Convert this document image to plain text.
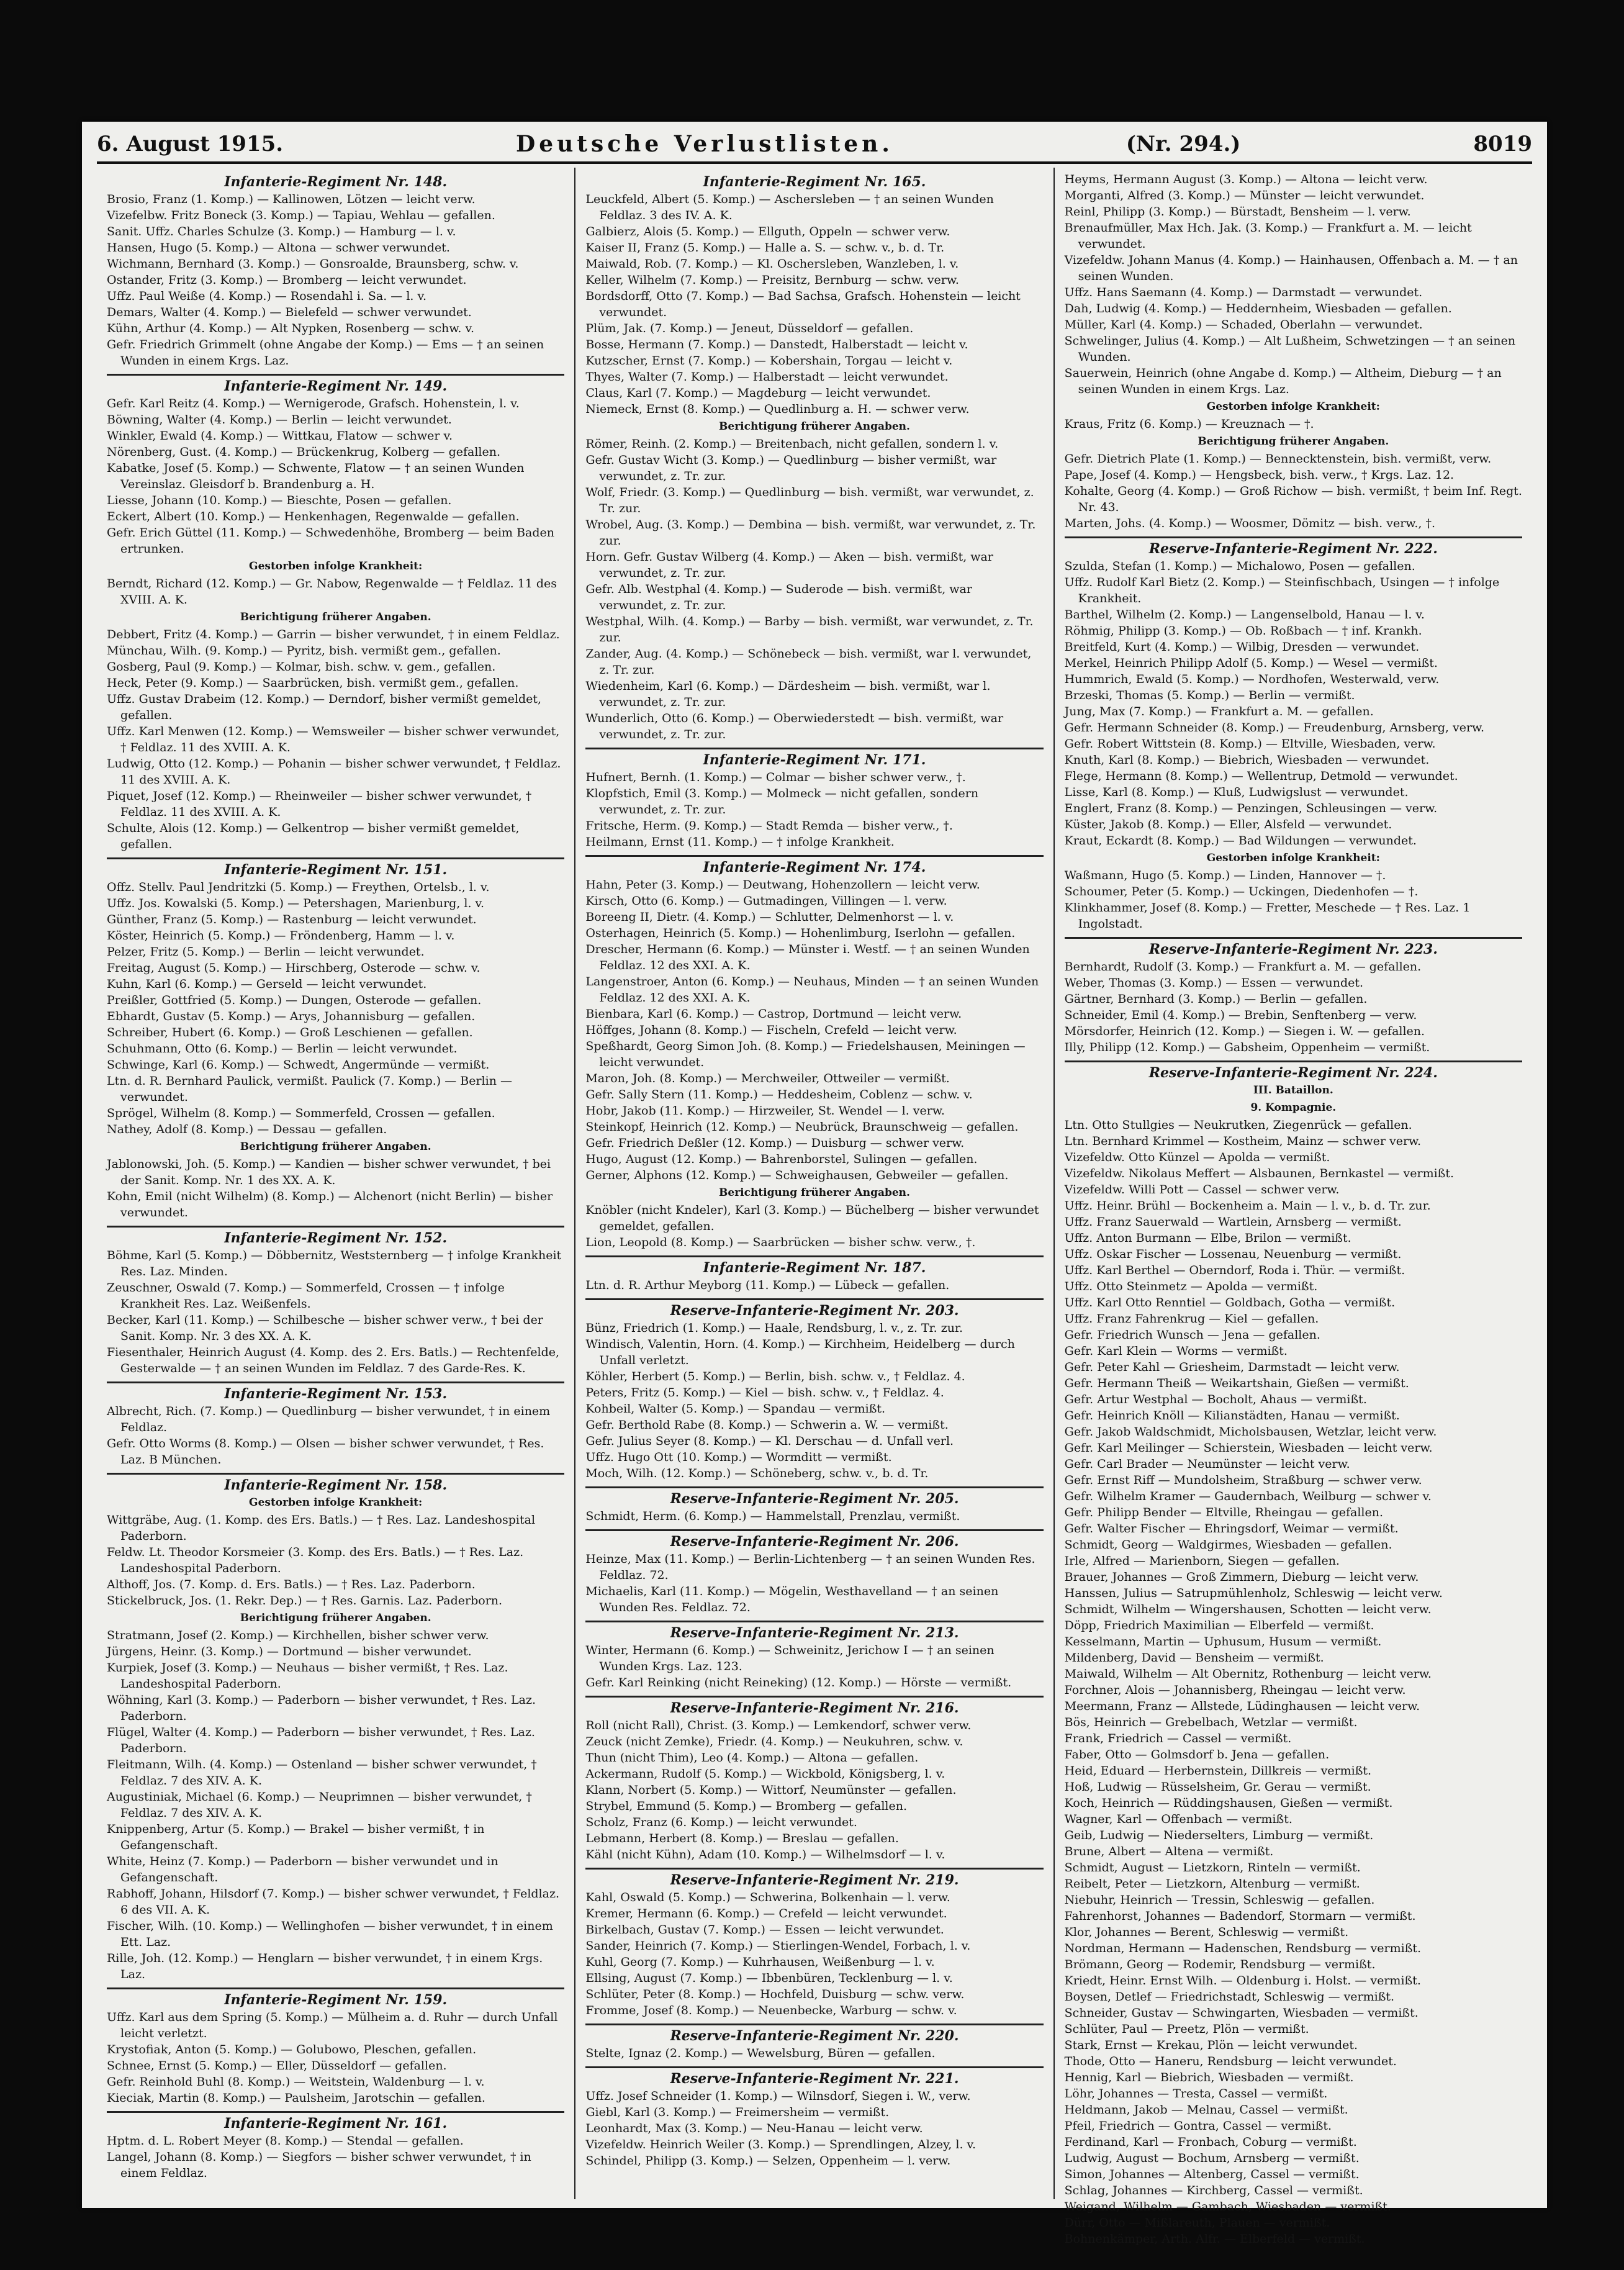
6. August 1915.	Deutsche Verlustlisten.	(Nr. 294.)	8019
Infanterie-Regiment Nr. 148.
Brosio, Franz (1. Komp.) — Kallinowen, Lötzen — leicht verw.
Vizefelbw. Fritz Boneck (3. Komp.) — Tapiau, Wehlau — gefallen.
Sanit. Uffz. Charles Schulze (3. Komp.) — Hamburg — l. v.
Hansen, Hugo (5. Komp.) — Altona — schwer verwundet.
Wichmann, Bernhard (3. Komp.) — Gonsroalde, Braunsberg, schw. v.
Ostander, Fritz (3. Komp.) — Bromberg — leicht verwundet.
Uffz. Paul Weiße (4. Komp.) — Rosendahl i. Sa. — l. v.
Demars, Walter (4. Komp.) — Bielefeld — schwer verwundet.
Kühn, Arthur (4. Komp.) — Alt Nypken, Rosenberg — schw. v.
Gefr. Friedrich Grimmelt (ohne Angabe der Komp.) — Ems — † an seinen Wunden in einem Krgs. Laz.
Infanterie-Regiment Nr. 149.
Gefr. Karl Reitz (4. Komp.) — Wernigerode, Grafsch. Hohenstein, l. v.
Böwning, Walter (4. Komp.) — Berlin — leicht verwundet.
Winkler, Ewald (4. Komp.) — Wittkau, Flatow — schwer v.
Nörenberg, Gust. (4. Komp.) — Brückenkrug, Kolberg — gefallen.
Kabatke, Josef (5. Komp.) — Schwente, Flatow — † an seinen Wunden Vereinslaz. Gleisdorf b. Brandenburg a. H.
Liesse, Johann (10. Komp.) — Bieschte, Posen — gefallen.
Eckert, Albert (10. Komp.) — Henkenhagen, Regenwalde — gefallen.
Gefr. Erich Güttel (11. Komp.) — Schwedenhöhe, Bromberg — beim Baden ertrunken.
Gestorben infolge Krankheit:
Berndt, Richard (12. Komp.) — Gr. Nabow, Regenwalde — † Feldlaz. 11 des XVIII. A. K.
Berichtigung früherer Angaben.
Debbert, Fritz (4. Komp.) — Garrin — bisher verwundet, † in einem Feldlaz.
Münchau, Wilh. (9. Komp.) — Pyritz, bish. vermißt gem., gefallen.
Gosberg, Paul (9. Komp.) — Kolmar, bish. schw. v. gem., gefallen.
Heck, Peter (9. Komp.) — Saarbrücken, bish. vermißt gem., gefallen.
Uffz. Gustav Drabeim (12. Komp.) — Derndorf, bisher vermißt gemeldet, gefallen.
Uffz. Karl Menwen (12. Komp.) — Wemsweiler — bisher schwer verwundet, † Feldlaz. 11 des XVIII. A. K.
Ludwig, Otto (12. Komp.) — Pohanin — bisher schwer verwundet, † Feldlaz. 11 des XVIII. A. K.
Piquet, Josef (12. Komp.) — Rheinweiler — bisher schwer verwundet, † Feldlaz. 11 des XVIII. A. K.
Schulte, Alois (12. Komp.) — Gelkentrop — bisher vermißt gemeldet, gefallen.
Infanterie-Regiment Nr. 151.
Offz. Stellv. Paul Jendritzki (5. Komp.) — Freythen, Ortelsb., l. v.
Uffz. Jos. Kowalski (5. Komp.) — Petershagen, Marienburg, l. v.
Günther, Franz (5. Komp.) — Rastenburg — leicht verwundet.
Köster, Heinrich (5. Komp.) — Fröndenberg, Hamm — l. v.
Pelzer, Fritz (5. Komp.) — Berlin — leicht verwundet.
Freitag, August (5. Komp.) — Hirschberg, Osterode — schw. v.
Kuhn, Karl (6. Komp.) — Gerseld — leicht verwundet.
Preißler, Gottfried (5. Komp.) — Dungen, Osterode — gefallen.
Ebhardt, Gustav (5. Komp.) — Arys, Johannisburg — gefallen.
Schreiber, Hubert (6. Komp.) — Groß Leschienen — gefallen.
Schuhmann, Otto (6. Komp.) — Berlin — leicht verwundet.
Schwinge, Karl (6. Komp.) — Schwedt, Angermünde — vermißt.
Ltn. d. R. Bernhard Paulick, vermißt. Paulick (7. Komp.) — Berlin — verwundet.
Sprögel, Wilhelm (8. Komp.) — Sommerfeld, Crossen — gefallen.
Nathey, Adolf (8. Komp.) — Dessau — gefallen.
Berichtigung früherer Angaben.
Jablonowski, Joh. (5. Komp.) — Kandien — bisher schwer verwundet, † bei der Sanit. Komp. Nr. 1 des XX. A. K.
Kohn, Emil (nicht Wilhelm) (8. Komp.) — Alchenort (nicht Berlin) — bisher verwundet.
Infanterie-Regiment Nr. 152.
Böhme, Karl (5. Komp.) — Döbbernitz, Weststernberg — † infolge Krankheit Res. Laz. Minden.
Zeuschner, Oswald (7. Komp.) — Sommerfeld, Crossen — † infolge Krankheit Res. Laz. Weißenfels.
Becker, Karl (11. Komp.) — Schilbesche — bisher schwer verw., † bei der Sanit. Komp. Nr. 3 des XX. A. K.
Fiesenthaler, Heinrich August (4. Komp. des 2. Ers. Batls.) — Rechtenfelde, Gesterwalde — † an seinen Wunden im Feldlaz. 7 des Garde-Res. K.
Infanterie-Regiment Nr. 153.
Albrecht, Rich. (7. Komp.) — Quedlinburg — bisher verwundet, † in einem Feldlaz.
Gefr. Otto Worms (8. Komp.) — Olsen — bisher schwer verwundet, † Res. Laz. B München.
Infanterie-Regiment Nr. 158.
Gestorben infolge Krankheit:
Wittgräbe, Aug. (1. Komp. des Ers. Batls.) — † Res. Laz. Landeshospital Paderborn.
Feldw. Lt. Theodor Korsmeier (3. Komp. des Ers. Batls.) — † Res. Laz. Landeshospital Paderborn.
Althoff, Jos. (7. Komp. d. Ers. Batls.) — † Res. Laz. Paderborn.
Stickelbruck, Jos. (1. Rekr. Dep.) — † Res. Garnis. Laz. Paderborn.
Berichtigung früherer Angaben.
Stratmann, Josef (2. Komp.) — Kirchhellen, bisher schwer verw.
Jürgens, Heinr. (3. Komp.) — Dortmund — bisher verwundet.
Kurpiek, Josef (3. Komp.) — Neuhaus — bisher vermißt, † Res. Laz. Landeshospital Paderborn.
Wöhning, Karl (3. Komp.) — Paderborn — bisher verwundet, † Res. Laz. Paderborn.
Flügel, Walter (4. Komp.) — Paderborn — bisher verwundet, † Res. Laz. Paderborn.
Fleitmann, Wilh. (4. Komp.) — Ostenland — bisher schwer verwundet, † Feldlaz. 7 des XIV. A. K.
Augustiniak, Michael (6. Komp.) — Neuprimnen — bisher verwundet, † Feldlaz. 7 des XIV. A. K.
Knippenberg, Artur (5. Komp.) — Brakel — bisher vermißt, † in Gefangenschaft.
White, Heinz (7. Komp.) — Paderborn — bisher verwundet und in Gefangenschaft.
Rabhoff, Johann, Hilsdorf (7. Komp.) — bisher schwer verwundet, † Feldlaz. 6 des VII. A. K.
Fischer, Wilh. (10. Komp.) — Wellinghofen — bisher verwundet, † in einem Ett. Laz.
Rille, Joh. (12. Komp.) — Henglarn — bisher verwundet, † in einem Krgs. Laz.
Infanterie-Regiment Nr. 159.
Uffz. Karl aus dem Spring (5. Komp.) — Mülheim a. d. Ruhr — durch Unfall leicht verletzt.
Krystofiak, Anton (5. Komp.) — Golubowo, Pleschen, gefallen.
Schnee, Ernst (5. Komp.) — Eller, Düsseldorf — gefallen.
Gefr. Reinhold Buhl (8. Komp.) — Weitstein, Waldenburg — l. v.
Kieciak, Martin (8. Komp.) — Paulsheim, Jarotschin — gefallen.
Infanterie-Regiment Nr. 161.
Hptm. d. L. Robert Meyer (8. Komp.) — Stendal — gefallen.
Langel, Johann (8. Komp.) — Siegfors — bisher schwer verwundet, † in einem Feldlaz.
Infanterie-Regiment Nr. 165.
Leuckfeld, Albert (5. Komp.) — Aschersleben — † an seinen Wunden Feldlaz. 3 des IV. A. K.
Galbierz, Alois (5. Komp.) — Ellguth, Oppeln — schwer verw.
Kaiser II, Franz (5. Komp.) — Halle a. S. — schw. v., b. d. Tr.
Maiwald, Rob. (7. Komp.) — Kl. Oschersleben, Wanzleben, l. v.
Keller, Wilhelm (7. Komp.) — Preisitz, Bernburg — schw. verw.
Bordsdorff, Otto (7. Komp.) — Bad Sachsa, Grafsch. Hohenstein — leicht verwundet.
Plüm, Jak. (7. Komp.) — Jeneut, Düsseldorf — gefallen.
Bosse, Hermann (7. Komp.) — Danstedt, Halberstadt — leicht v.
Kutzscher, Ernst (7. Komp.) — Kobershain, Torgau — leicht v.
Thyes, Walter (7. Komp.) — Halberstadt — leicht verwundet.
Claus, Karl (7. Komp.) — Magdeburg — leicht verwundet.
Niemeck, Ernst (8. Komp.) — Quedlinburg a. H. — schwer verw.
Berichtigung früherer Angaben.
Römer, Reinh. (2. Komp.) — Breitenbach, nicht gefallen, sondern l. v.
Gefr. Gustav Wicht (3. Komp.) — Quedlinburg — bisher vermißt, war verwundet, z. Tr. zur.
Wolf, Friedr. (3. Komp.) — Quedlinburg — bish. vermißt, war verwundet, z. Tr. zur.
Wrobel, Aug. (3. Komp.) — Dembina — bish. vermißt, war verwundet, z. Tr. zur.
Horn. Gefr. Gustav Wilberg (4. Komp.) — Aken — bish. vermißt, war verwundet, z. Tr. zur.
Gefr. Alb. Westphal (4. Komp.) — Suderode — bish. vermißt, war verwundet, z. Tr. zur.
Westphal, Wilh. (4. Komp.) — Barby — bish. vermißt, war verwundet, z. Tr. zur.
Zander, Aug. (4. Komp.) — Schönebeck — bish. vermißt, war l. verwundet, z. Tr. zur.
Wiedenheim, Karl (6. Komp.) — Därdesheim — bish. vermißt, war l. verwundet, z. Tr. zur.
Wunderlich, Otto (6. Komp.) — Oberwiederstedt — bish. vermißt, war verwundet, z. Tr. zur.
Infanterie-Regiment Nr. 171.
Hufnert, Bernh. (1. Komp.) — Colmar — bisher schwer verw., †.
Klopfstich, Emil (3. Komp.) — Molmeck — nicht gefallen, sondern verwundet, z. Tr. zur.
Fritsche, Herm. (9. Komp.) — Stadt Remda — bisher verw., †.
Heilmann, Ernst (11. Komp.) — † infolge Krankheit.
Infanterie-Regiment Nr. 174.
Hahn, Peter (3. Komp.) — Deutwang, Hohenzollern — leicht verw.
Kirsch, Otto (6. Komp.) — Gutmadingen, Villingen — l. verw.
Boreeng II, Dietr. (4. Komp.) — Schlutter, Delmenhorst — l. v.
Osterhagen, Heinrich (5. Komp.) — Hohenlimburg, Iserlohn — gefallen.
Drescher, Hermann (6. Komp.) — Münster i. Westf. — † an seinen Wunden Feldlaz. 12 des XXI. A. K.
Langenstroer, Anton (6. Komp.) — Neuhaus, Minden — † an seinen Wunden Feldlaz. 12 des XXI. A. K.
Bienbara, Karl (6. Komp.) — Castrop, Dortmund — leicht verw.
Höffges, Johann (8. Komp.) — Fischeln, Crefeld — leicht verw.
Speßhardt, Georg Simon Joh. (8. Komp.) — Friedelshausen, Meiningen — leicht verwundet.
Maron, Joh. (8. Komp.) — Merchweiler, Ottweiler — vermißt.
Gefr. Sally Stern (11. Komp.) — Heddesheim, Coblenz — schw. v.
Hobr, Jakob (11. Komp.) — Hirzweiler, St. Wendel — l. verw.
Steinkopf, Heinrich (12. Komp.) — Neubrück, Braunschweig — gefallen.
Gefr. Friedrich Deßler (12. Komp.) — Duisburg — schwer verw.
Hugo, August (12. Komp.) — Bahrenborstel, Sulingen — gefallen.
Gerner, Alphons (12. Komp.) — Schweighausen, Gebweiler — gefallen.
Berichtigung früherer Angaben.
Knöbler (nicht Kndeler), Karl (3. Komp.) — Büchelberg — bisher verwundet gemeldet, gefallen.
Lion, Leopold (8. Komp.) — Saarbrücken — bisher schw. verw., †.
Infanterie-Regiment Nr. 187.
Ltn. d. R. Arthur Meyborg (11. Komp.) — Lübeck — gefallen.
Reserve-Infanterie-Regiment Nr. 203.
Bünz, Friedrich (1. Komp.) — Haale, Rendsburg, l. v., z. Tr. zur.
Windisch, Valentin, Horn. (4. Komp.) — Kirchheim, Heidelberg — durch Unfall verletzt.
Köhler, Herbert (5. Komp.) — Berlin, bish. schw. v., † Feldlaz. 4.
Peters, Fritz (5. Komp.) — Kiel — bish. schw. v., † Feldlaz. 4.
Kohbeil, Walter (5. Komp.) — Spandau — vermißt.
Gefr. Berthold Rabe (8. Komp.) — Schwerin a. W. — vermißt.
Gefr. Julius Seyer (8. Komp.) — Kl. Derschau — d. Unfall verl.
Uffz. Hugo Ott (10. Komp.) — Wormditt — vermißt.
Moch, Wilh. (12. Komp.) — Schöneberg, schw. v., b. d. Tr.
Reserve-Infanterie-Regiment Nr. 205.
Schmidt, Herm. (6. Komp.) — Hammelstall, Prenzlau, vermißt.
Reserve-Infanterie-Regiment Nr. 206.
Heinze, Max (11. Komp.) — Berlin-Lichtenberg — † an seinen Wunden Res. Feldlaz. 72.
Michaelis, Karl (11. Komp.) — Mögelin, Westhavelland — † an seinen Wunden Res. Feldlaz. 72.
Reserve-Infanterie-Regiment Nr. 213.
Winter, Hermann (6. Komp.) — Schweinitz, Jerichow I — † an seinen Wunden Krgs. Laz. 123.
Gefr. Karl Reinking (nicht Reineking) (12. Komp.) — Hörste — vermißt.
Reserve-Infanterie-Regiment Nr. 216.
Roll (nicht Rall), Christ. (3. Komp.) — Lemkendorf, schwer verw.
Zeuck (nicht Zemke), Friedr. (4. Komp.) — Neukuhren, schw. v.
Thun (nicht Thim), Leo (4. Komp.) — Altona — gefallen.
Ackermann, Rudolf (5. Komp.) — Wickbold, Königsberg, l. v.
Klann, Norbert (5. Komp.) — Wittorf, Neumünster — gefallen.
Strybel, Emmund (5. Komp.) — Bromberg — gefallen.
Scholz, Franz (6. Komp.) — leicht verwundet.
Lebmann, Herbert (8. Komp.) — Breslau — gefallen.
Kähl (nicht Kühn), Adam (10. Komp.) — Wilhelmsdorf — l. v.
Reserve-Infanterie-Regiment Nr. 219.
Kahl, Oswald (5. Komp.) — Schwerina, Bolkenhain — l. verw.
Kremer, Hermann (6. Komp.) — Crefeld — leicht verwundet.
Birkelbach, Gustav (7. Komp.) — Essen — leicht verwundet.
Sander, Heinrich (7. Komp.) — Stierlingen-Wendel, Forbach, l. v.
Kuhl, Georg (7. Komp.) — Kuhrhausen, Weißenburg — l. v.
Ellsing, August (7. Komp.) — Ibbenbüren, Tecklenburg — l. v.
Schlüter, Peter (8. Komp.) — Hochfeld, Duisburg — schw. verw.
Fromme, Josef (8. Komp.) — Neuenbecke, Warburg — schw. v.
Reserve-Infanterie-Regiment Nr. 220.
Stelte, Ignaz (2. Komp.) — Wewelsburg, Büren — gefallen.
Reserve-Infanterie-Regiment Nr. 221.
Uffz. Josef Schneider (1. Komp.) — Wilnsdorf, Siegen i. W., verw.
Giebl, Karl (3. Komp.) — Freimersheim — vermißt.
Leonhardt, Max (3. Komp.) — Neu-Hanau — leicht verw.
Vizefeldw. Heinrich Weiler (3. Komp.) — Sprendlingen, Alzey, l. v.
Schindel, Philipp (3. Komp.) — Selzen, Oppenheim — l. verw.
Heyms, Hermann August (3. Komp.) — Altona — leicht verw.
Morganti, Alfred (3. Komp.) — Münster — leicht verwundet.
Reinl, Philipp (3. Komp.) — Bürstadt, Bensheim — l. verw.
Brenaufmüller, Max Hch. Jak. (3. Komp.) — Frankfurt a. M. — leicht verwundet.
Vizefeldw. Johann Manus (4. Komp.) — Hainhausen, Offenbach a. M. — † an seinen Wunden.
Uffz. Hans Saemann (4. Komp.) — Darmstadt — verwundet.
Dah, Ludwig (4. Komp.) — Heddernheim, Wiesbaden — gefallen.
Müller, Karl (4. Komp.) — Schaded, Oberlahn — verwundet.
Schwelinger, Julius (4. Komp.) — Alt Lußheim, Schwetzingen — † an seinen Wunden.
Sauerwein, Heinrich (ohne Angabe d. Komp.) — Altheim, Dieburg — † an seinen Wunden in einem Krgs. Laz.
Gestorben infolge Krankheit:
Kraus, Fritz (6. Komp.) — Kreuznach — †.
Berichtigung früherer Angaben.
Gefr. Dietrich Plate (1. Komp.) — Bennecktenstein, bish. vermißt, verw.
Pape, Josef (4. Komp.) — Hengsbeck, bish. verw., † Krgs. Laz. 12.
Kohalte, Georg (4. Komp.) — Groß Richow — bish. vermißt, † beim Inf. Regt. Nr. 43.
Marten, Johs. (4. Komp.) — Woosmer, Dömitz — bish. verw., †.
Reserve-Infanterie-Regiment Nr. 222.
Szulda, Stefan (1. Komp.) — Michalowo, Posen — gefallen.
Uffz. Rudolf Karl Bietz (2. Komp.) — Steinfischbach, Usingen — † infolge Krankheit.
Barthel, Wilhelm (2. Komp.) — Langenselbold, Hanau — l. v.
Röhmig, Philipp (3. Komp.) — Ob. Roßbach — † inf. Krankh.
Breitfeld, Kurt (4. Komp.) — Wilbig, Dresden — verwundet.
Merkel, Heinrich Philipp Adolf (5. Komp.) — Wesel — vermißt.
Hummrich, Ewald (5. Komp.) — Nordhofen, Westerwald, verw.
Brzeski, Thomas (5. Komp.) — Berlin — vermißt.
Jung, Max (7. Komp.) — Frankfurt a. M. — gefallen.
Gefr. Hermann Schneider (8. Komp.) — Freudenburg, Arnsberg, verw.
Gefr. Robert Wittstein (8. Komp.) — Eltville, Wiesbaden, verw.
Knuth, Karl (8. Komp.) — Biebrich, Wiesbaden — verwundet.
Flege, Hermann (8. Komp.) — Wellentrup, Detmold — verwundet.
Lisse, Karl (8. Komp.) — Kluß, Ludwigslust — verwundet.
Englert, Franz (8. Komp.) — Penzingen, Schleusingen — verw.
Küster, Jakob (8. Komp.) — Eller, Alsfeld — verwundet.
Kraut, Eckardt (8. Komp.) — Bad Wildungen — verwundet.
Gestorben infolge Krankheit:
Waßmann, Hugo (5. Komp.) — Linden, Hannover — †.
Schoumer, Peter (5. Komp.) — Uckingen, Diedenhofen — †.
Klinkhammer, Josef (8. Komp.) — Fretter, Meschede — † Res. Laz. 1 Ingolstadt.
Reserve-Infanterie-Regiment Nr. 223.
Bernhardt, Rudolf (3. Komp.) — Frankfurt a. M. — gefallen.
Weber, Thomas (3. Komp.) — Essen — verwundet.
Gärtner, Bernhard (3. Komp.) — Berlin — gefallen.
Schneider, Emil (4. Komp.) — Brebin, Senftenberg — verw.
Mörsdorfer, Heinrich (12. Komp.) — Siegen i. W. — gefallen.
Illy, Philipp (12. Komp.) — Gabsheim, Oppenheim — vermißt.
Reserve-Infanterie-Regiment Nr. 224.
III. Bataillon.
9. Kompagnie.
Ltn. Otto Stullgies — Neukrutken, Ziegenrück — gefallen.
Ltn. Bernhard Krimmel — Kostheim, Mainz — schwer verw.
Vizefeldw. Otto Künzel — Apolda — vermißt.
Vizefeldw. Nikolaus Meffert — Alsbaunen, Bernkastel — vermißt.
Vizefeldw. Willi Pott — Cassel — schwer verw.
Uffz. Heinr. Brühl — Bockenheim a. Main — l. v., b. d. Tr. zur.
Uffz. Franz Sauerwald — Wartlein, Arnsberg — vermißt.
Uffz. Anton Burmann — Elbe, Brilon — vermißt.
Uffz. Oskar Fischer — Lossenau, Neuenburg — vermißt.
Uffz. Karl Berthel — Oberndorf, Roda i. Thür. — vermißt.
Uffz. Otto Steinmetz — Apolda — vermißt.
Uffz. Karl Otto Renntiel — Goldbach, Gotha — vermißt.
Uffz. Franz Fahrenkrug — Kiel — gefallen.
Gefr. Friedrich Wunsch — Jena — gefallen.
Gefr. Karl Klein — Worms — vermißt.
Gefr. Peter Kahl — Griesheim, Darmstadt — leicht verw.
Gefr. Hermann Theiß — Weikartshain, Gießen — vermißt.
Gefr. Artur Westphal — Bocholt, Ahaus — vermißt.
Gefr. Heinrich Knöll — Kilianstädten, Hanau — vermißt.
Gefr. Jakob Waldschmidt, Micholsbausen, Wetzlar, leicht verw.
Gefr. Karl Meilinger — Schierstein, Wiesbaden — leicht verw.
Gefr. Carl Brader — Neumünster — leicht verw.
Gefr. Ernst Riff — Mundolsheim, Straßburg — schwer verw.
Gefr. Wilhelm Kramer — Gaudernbach, Weilburg — schwer v.
Gefr. Philipp Bender — Eltville, Rheingau — gefallen.
Gefr. Walter Fischer — Ehringsdorf, Weimar — vermißt.
Schmidt, Georg — Waldgirmes, Wiesbaden — gefallen.
Irle, Alfred — Marienborn, Siegen — gefallen.
Brauer, Johannes — Groß Zimmern, Dieburg — leicht verw.
Hanssen, Julius — Satrupmühlenholz, Schleswig — leicht verw.
Schmidt, Wilhelm — Wingershausen, Schotten — leicht verw.
Döpp, Friedrich Maximilian — Elberfeld — vermißt.
Kesselmann, Martin — Uphusum, Husum — vermißt.
Mildenberg, David — Bensheim — vermißt.
Maiwald, Wilhelm — Alt Obernitz, Rothenburg — leicht verw.
Forchner, Alois — Johannisberg, Rheingau — leicht verw.
Meermann, Franz — Allstede, Lüdinghausen — leicht verw.
Bös, Heinrich — Grebelbach, Wetzlar — vermißt.
Frank, Friedrich — Cassel — vermißt.
Faber, Otto — Golmsdorf b. Jena — gefallen.
Heid, Eduard — Herbernstein, Dillkreis — vermißt.
Hoß, Ludwig — Rüsselsheim, Gr. Gerau — vermißt.
Koch, Heinrich — Rüddingshausen, Gießen — vermißt.
Wagner, Karl — Offenbach — vermißt.
Geib, Ludwig — Niederselters, Limburg — vermißt.
Brune, Albert — Altena — vermißt.
Schmidt, August — Lietzkorn, Rinteln — vermißt.
Reibelt, Peter — Lietzkorn, Altenburg — vermißt.
Niebuhr, Heinrich — Tressin, Schleswig — gefallen.
Fahrenhorst, Johannes — Badendorf, Stormarn — vermißt.
Klor, Johannes — Berent, Schleswig — vermißt.
Nordman, Hermann — Hadenschen, Rendsburg — vermißt.
Brömann, Georg — Rodemir, Rendsburg — vermißt.
Kriedt, Heinr. Ernst Wilh. — Oldenburg i. Holst. — vermißt.
Boysen, Detlef — Friedrichstadt, Schleswig — vermißt.
Schneider, Gustav — Schwingarten, Wiesbaden — vermißt.
Schlüter, Paul — Preetz, Plön — vermißt.
Stark, Ernst — Krekau, Plön — leicht verwundet.
Thode, Otto — Haneru, Rendsburg — leicht verwundet.
Hennig, Karl — Biebrich, Wiesbaden — vermißt.
Löhr, Johannes — Tresta, Cassel — vermißt.
Heldmann, Jakob — Melnau, Cassel — vermißt.
Pfeil, Friedrich — Gontra, Cassel — vermißt.
Ferdinand, Karl — Fronbach, Coburg — vermißt.
Ludwig, August — Bochum, Arnsberg — vermißt.
Simon, Johannes — Altenberg, Cassel — vermißt.
Schlag, Johannes — Kirchberg, Cassel — vermißt.
Weigand, Wilhelm — Gambach, Wiesbaden — vermißt.
Dürr, Otto — Mißlareuth, Plauen — vermißt.
Bohnenkämper, Arth. Alfr. — Elberfeld — vermißt.
